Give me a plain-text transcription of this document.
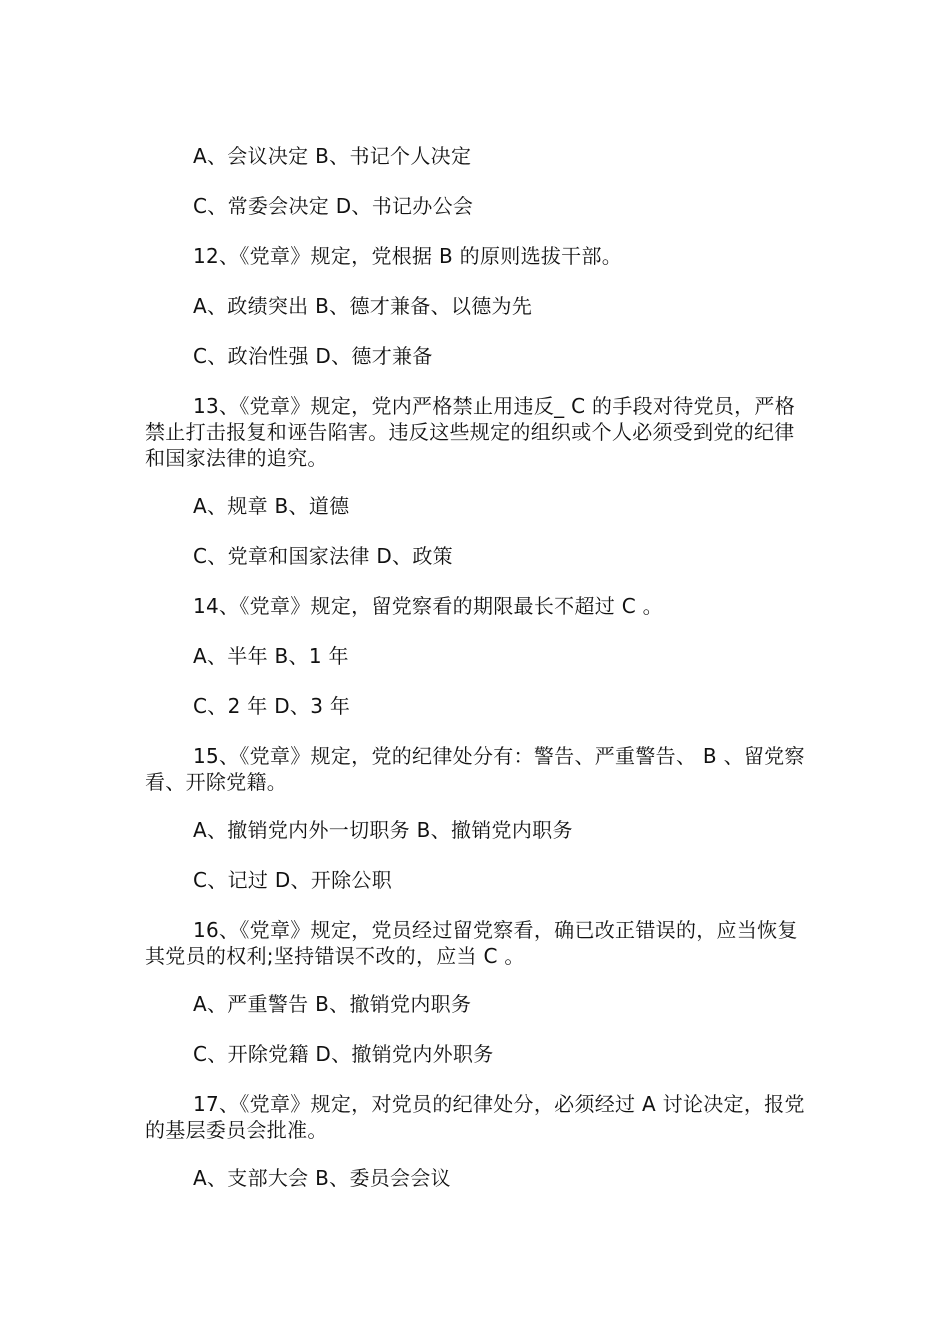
A、会议决定 B、书记个人决定

C、常委会决定 D、书记办公会

12、《党章》规定，党根据 B 的原则选拔干部。

A、政绩突出 B、德才兼备、以德为先

C、政治性强 D、德才兼备

13、《党章》规定，党内严格禁止用违反_ C 的手段对待党员，严格禁止打击报复和诬告陷害。违反这些规定的组织或个人必须受到党的纪律和国家法律的追究。

A、规章 B、道德

C、党章和国家法律 D、政策

14、《党章》规定，留党察看的期限最长不超过 C 。

A、半年 B、1 年

C、2 年 D、3 年

15、《党章》规定，党的纪律处分有：警告、严重警告、 B 、留党察看、开除党籍。

A、撤销党内外一切职务 B、撤销党内职务

C、记过 D、开除公职

16、《党章》规定，党员经过留党察看，确已改正错误的，应当恢复其党员的权利;坚持错误不改的，应当 C 。

A、严重警告 B、撤销党内职务

C、开除党籍 D、撤销党内外职务

17、《党章》规定，对党员的纪律处分，必须经过 A 讨论决定，报党的基层委员会批准。

A、支部大会 B、委员会会议
